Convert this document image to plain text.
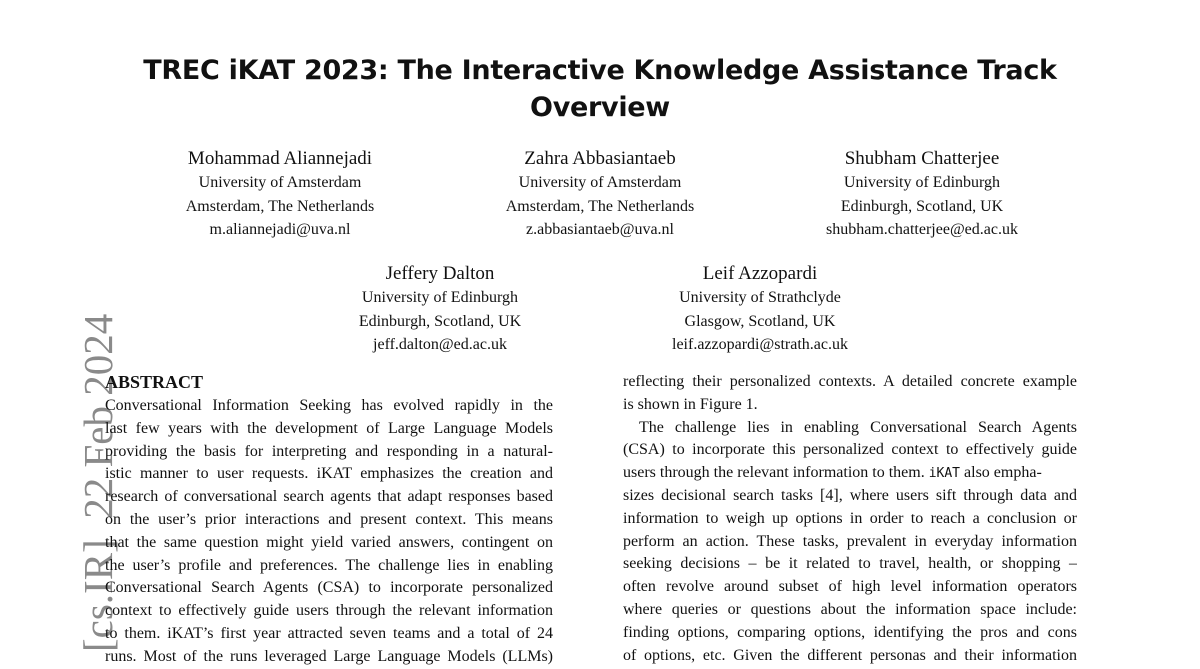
TREC iKAT 2023: The Interactive Knowledge Assistance Track
Overview
Mohammad Aliannejadi
University of Amsterdam
Amsterdam, The Netherlands
m.aliannejadi@uva.nl
Zahra Abbasiantaeb
University of Amsterdam
Amsterdam, The Netherlands
z.abbasiantaeb@uva.nl
Shubham Chatterjee
University of Edinburgh
Edinburgh, Scotland, UK
shubham.chatterjee@ed.ac.uk
Jeffery Dalton
University of Edinburgh
Edinburgh, Scotland, UK
jeff.dalton@ed.ac.uk
Leif Azzopardi
University of Strathclyde
Glasgow, Scotland, UK
leif.azzopardi@strath.ac.uk
[cs.IR]  22 Feb 2024
ABSTRACT
Conversational Information Seeking has evolved rapidly in the
last few years with the development of Large Language Models
providing the basis for interpreting and responding in a natural-
istic manner to user requests. iKAT emphasizes the creation and
research of conversational search agents that adapt responses based
on the user’s prior interactions and present context. This means
that the same question might yield varied answers, contingent on
the user’s profile and preferences. The challenge lies in enabling
Conversational Search Agents (CSA) to incorporate personalized
context to effectively guide users through the relevant information
to them. iKAT’s first year attracted seven teams and a total of 24
runs. Most of the runs leveraged Large Language Models (LLMs)
reflecting their personalized contexts. A detailed concrete example
is shown in Figure 1.
The challenge lies in enabling Conversational Search Agents
(CSA) to incorporate this personalized context to effectively guide
users through the relevant information to them. iKAT also empha-
sizes decisional search tasks [4], where users sift through data and
information to weigh up options in order to reach a conclusion or
perform an action. These tasks, prevalent in everyday information
seeking decisions – be it related to travel, health, or shopping –
often revolve around subset of high level information operators
where queries or questions about the information space include:
finding options, comparing options, identifying the pros and cons
of options, etc. Given the different personas and their information
